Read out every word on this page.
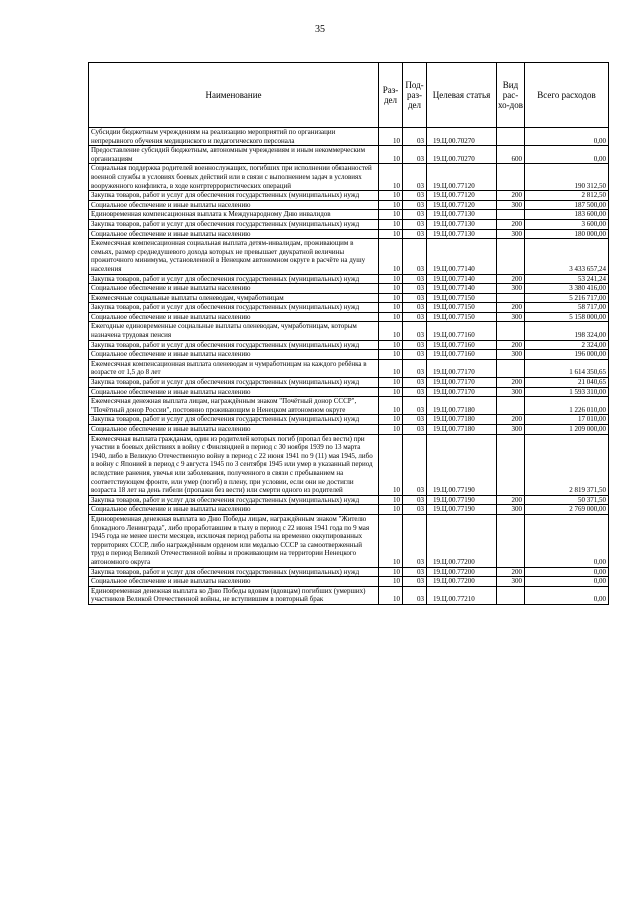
35
Наименование	Раз-дел	Под-раз-дел	Целевая статья	Вид рас-хо-дов	Всего расходов
Субсидии бюджетным учреждениям на реализацию мероприятий по организации непрерывного обучения медицинского и педагогического персонала	10	03	19.Ц.00.70270		0,00
Предоставление субсидий бюджетным, автономным учреждениям и иным некоммерческим организациям	10	03	19.Ц.00.70270	600	0,00
Социальная поддержка родителей военнослужащих, погибших при исполнении обязанностей военной службы в условиях боевых действий или в связи с выполнением задач в условиях вооруженного конфликта, в ходе контртеррористических операций	10	03	19.Ц.00.77120		190 312,50
Закупка товаров, работ и услуг для обеспечения государственных (муниципальных) нужд	10	03	19.Ц.00.77120	200	2 812,50
Социальное обеспечение и иные выплаты населению	10	03	19.Ц.00.77120	300	187 500,00
Единовременная компенсационная выплата к Международному Дню инвалидов	10	03	19.Ц.00.77130		183 600,00
Закупка товаров, работ и услуг для обеспечения государственных (муниципальных) нужд	10	03	19.Ц.00.77130	200	3 600,00
Социальное обеспечение и иные выплаты населению	10	03	19.Ц.00.77130	300	180 000,00
Ежемесячная компенсационная социальная выплата детям-инвалидам, проживающим в семьях, размер среднедушевого дохода которых не превышает двукратной величины прожиточного минимума, установленной в Ненецком автономном округе в расчёте на душу населения	10	03	19.Ц.00.77140		3 433 657,24
Закупка товаров, работ и услуг для обеспечения государственных (муниципальных) нужд	10	03	19.Ц.00.77140	200	53 241,24
Социальное обеспечение и иные выплаты населению	10	03	19.Ц.00.77140	300	3 380 416,00
Ежемесячные социальные выплаты оленеводам, чумработницам	10	03	19.Ц.00.77150		5 216 717,00
Закупка товаров, работ и услуг для обеспечения государственных (муниципальных) нужд	10	03	19.Ц.00.77150	200	58 717,00
Социальное обеспечение и иные выплаты населению	10	03	19.Ц.00.77150	300	5 158 000,00
Ежегодные единовременные социальные выплаты оленеводам, чумработницам, которым назначена трудовая пенсия	10	03	19.Ц.00.77160		198 324,00
Закупка товаров, работ и услуг для обеспечения государственных (муниципальных) нужд	10	03	19.Ц.00.77160	200	2 324,00
Социальное обеспечение и иные выплаты населению	10	03	19.Ц.00.77160	300	196 000,00
Ежемесячная компенсационная выплата оленеводам и чумработницам на каждого ребёнка в возрасте от 1,5 до 8 лет	10	03	19.Ц.00.77170		1 614 350,65
Закупка товаров, работ и услуг для обеспечения государственных (муниципальных) нужд	10	03	19.Ц.00.77170	200	21 040,65
Социальное обеспечение и иные выплаты населению	10	03	19.Ц.00.77170	300	1 593 310,00
Ежемесячная денежная выплата лицам, награждённым знаком "Почётный донор СССР", "Почётный донор России", постоянно проживающим в Ненецком автономном округе	10	03	19.Ц.00.77180		1 226 010,00
Закупка товаров, работ и услуг для обеспечения государственных (муниципальных) нужд	10	03	19.Ц.00.77180	200	17 010,00
Социальное обеспечение и иные выплаты населению	10	03	19.Ц.00.77180	300	1 209 000,00
Ежемесячная выплата гражданам, один из родителей которых погиб (пропал без вести) при участии в боевых действиях в войну с Финляндией в период с 30 ноября 1939 по 13 марта 1940, либо в Великую Отечественную войну в период с 22 июня 1941 по 9 (11) мая 1945, либо в войну с Японией в период с 9 августа 1945 по 3 сентября 1945 или умер в указанный период вследствие ранения, увечья или заболевания, полученного в связи с пребыванием на соответствующем фронте, или умер (погиб) в плену, при условии, если они не достигли возраста 18 лет на день гибели (пропажи без вести) или смерти одного из родителей	10	03	19.Ц.00.77190		2 819 371,50
Закупка товаров, работ и услуг для обеспечения государственных (муниципальных) нужд	10	03	19.Ц.00.77190	200	50 371,50
Социальное обеспечение и иные выплаты населению	10	03	19.Ц.00.77190	300	2 769 000,00
Единовременная денежная выплата ко Дню Победы лицам, награждённым знаком "Жителю блокадного Ленинграда", либо проработавшим в тылу в период с 22 июня 1941 года по 9 мая 1945 года не менее шести месяцев, исключая период работы на временно оккупированных территориях СССР, либо награждённым орденом или медалью СССР за самоотверженный труд в период Великой Отечественной войны и проживающим на территории Ненецкого автономного округа	10	03	19.Ц.00.77200		0,00
Закупка товаров, работ и услуг для обеспечения государственных (муниципальных) нужд	10	03	19.Ц.00.77200	200	0,00
Социальное обеспечение и иные выплаты населению	10	03	19.Ц.00.77200	300	0,00
Единовременная денежная выплата ко Дню Победы вдовам (вдовцам) погибших (умерших) участников Великой Отечественной войны, не вступившим в повторный брак	10	03	19.Ц.00.77210		0,00
